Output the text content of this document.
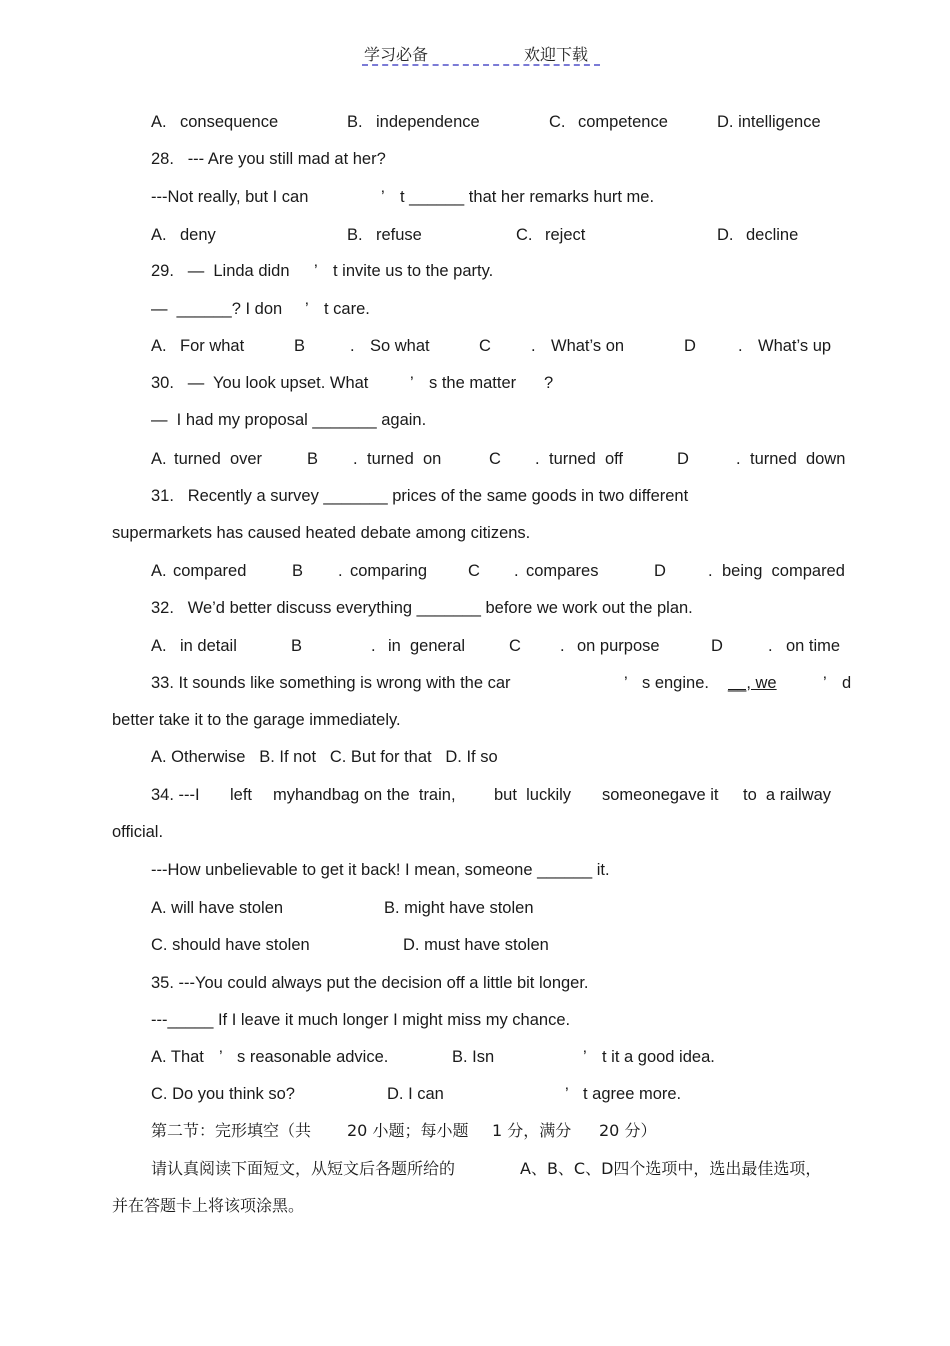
学习必备	欢迎下载
A. consequence	B. independence	C. competence	D. intelligence
28.   --- Are you still mad at her?
---Not really, but I can	’ t ______ that her remarks hurt me.
A. deny	B. refuse	C. reject	D. decline
29.   —  Linda didn ’ t invite us to the party.
—  ______? I don ’ t care.
A. For what	B	. So what	C . What’s on	D	. What’s up
30.   —  You look upset. What	’ s the matter ?
—  I had my proposal _______ again.
A. turned  over	B . turned  on	C . turned  off	D	. turned  down
31.   Recently a survey _______ prices of the same goods in two different
supermarkets has caused heated debate among citizens.
A. compared	B . comparing C . compares	D	. being  compared
32.   We’d better discuss everything _______ before we work out the plan.
A. in detail	B	. in  general	C . on purpose	D	. on time
33. It sounds like something is wrong with the car	’ s engine. __, we	’ d
better take it to the garage immediately.
A. Otherwise   B. If not   C. But for that   D. If so
34. ---I left myhandbag on the  train, but  luckily someonegave it to  a railway
official.
---How unbelievable to get it back! I mean, someone ______ it.
A. will have stolen	B. might have stolen
C. should have stolen	D. must have stolen
35. ---You could always put the decision off a little bit longer.
---_____ If I leave it much longer I might miss my chance.
A. That ’ s reasonable advice.	B. Isn	’ t it a good idea.
C. Do you think so?	D. I can	’ t agree more.
第二节：完形填空（共 20 小题；每小题 1 分，满分 20 分）
请认真阅读下面短文，从短文后各题所给的	A、B、C、D四个选项中，选出最佳选项，
并在答题卡上将该项涂黑。
